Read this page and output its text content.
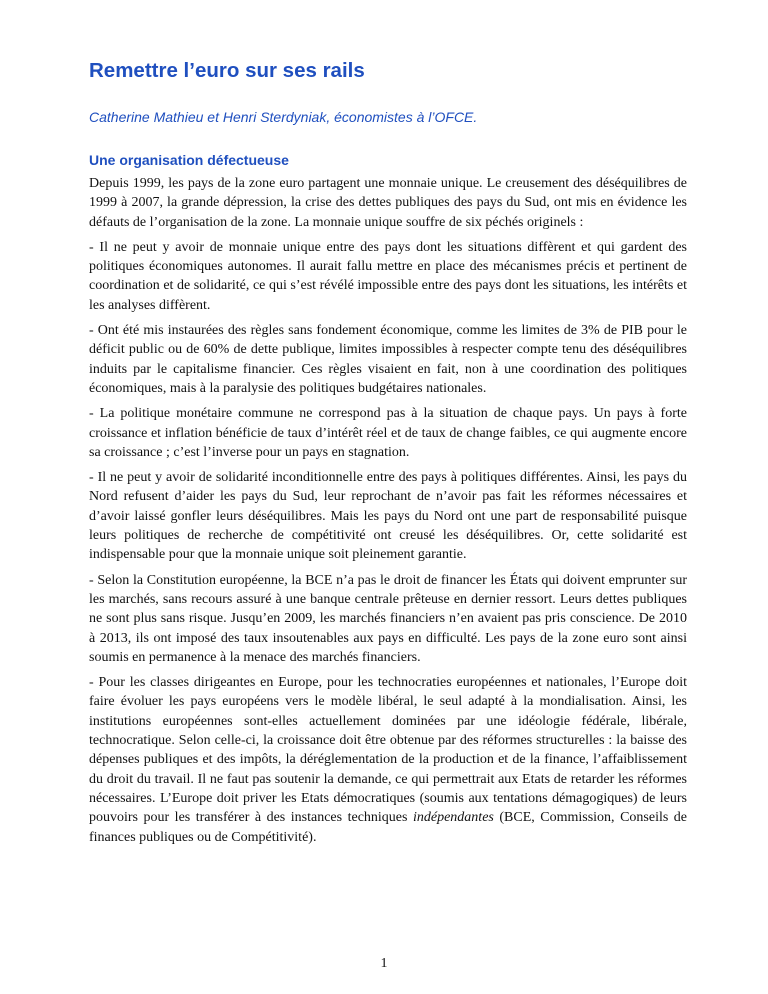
Remettre l’euro sur ses rails
Catherine Mathieu et Henri Sterdyniak, économistes à l’OFCE.
Une organisation défectueuse

Depuis 1999, les pays de la zone euro partagent une monnaie unique. Le creusement des déséquilibres de 1999 à 2007, la grande dépression, la crise des dettes publiques des pays du Sud, ont mis en évidence les défauts de l’organisation de la zone. La monnaie unique souffre de six péchés originels :

- Il ne peut y avoir de monnaie unique entre des pays dont les situations diffèrent et qui gardent des politiques économiques autonomes. Il aurait fallu mettre en place des mécanismes précis et pertinent de coordination et de solidarité, ce qui s’est révélé impossible entre des pays dont les situations, les intérêts et les analyses diffèrent.

- Ont été mis instaurées des règles sans fondement économique, comme les limites de 3% de PIB pour le déficit public ou de 60% de dette publique, limites impossibles à respecter compte tenu des déséquilibres induits par le capitalisme financier. Ces règles visaient en fait, non à une coordination des politiques économiques, mais à la paralysie des politiques budgétaires nationales.

- La politique monétaire commune ne correspond pas à la situation de chaque pays. Un pays à forte croissance et inflation bénéficie de taux d’intérêt réel et de taux de change faibles, ce qui augmente encore sa croissance ; c’est l’inverse pour un pays en stagnation.

- Il ne peut y avoir de solidarité inconditionnelle entre des pays à politiques différentes. Ainsi, les pays du Nord refusent d’aider les pays du Sud, leur reprochant de n’avoir pas fait les réformes nécessaires et d’avoir laissé gonfler leurs déséquilibres. Mais les pays du Nord ont une part de responsabilité puisque leurs politiques de recherche de compétitivité ont creusé les déséquilibres. Or, cette solidarité est indispensable pour que la monnaie unique soit pleinement garantie.

- Selon la Constitution européenne, la BCE n’a pas le droit de financer les États qui doivent emprunter sur les marchés, sans recours assuré à une banque centrale prêteuse en dernier ressort. Leurs dettes publiques ne sont plus sans risque. Jusqu’en 2009, les marchés financiers n’en avaient pas pris conscience. De 2010 à 2013, ils ont imposé des taux insoutenables aux pays en difficulté. Les pays de la zone euro sont ainsi soumis en permanence à la menace des marchés financiers.

- Pour les classes dirigeantes en Europe, pour les technocraties européennes et nationales, l’Europe doit faire évoluer les pays européens vers le modèle libéral, le seul adapté à la mondialisation. Ainsi, les institutions européennes sont-elles actuellement dominées par une idéologie fédérale, libérale, technocratique. Selon celle-ci, la croissance doit être obtenue par des réformes structurelles : la baisse des dépenses publiques et des impôts, la déréglementation de la production et de la finance, l’affaiblissement du droit du travail. Il ne faut pas soutenir la demande, ce qui permettrait aux Etats de retarder les réformes nécessaires. L’Europe doit priver les Etats démocratiques (soumis aux tentations démagogiques) de leurs pouvoirs pour les transférer à des instances techniques indépendantes (BCE, Commission, Conseils de finances publiques ou de Compétitivité).

1
